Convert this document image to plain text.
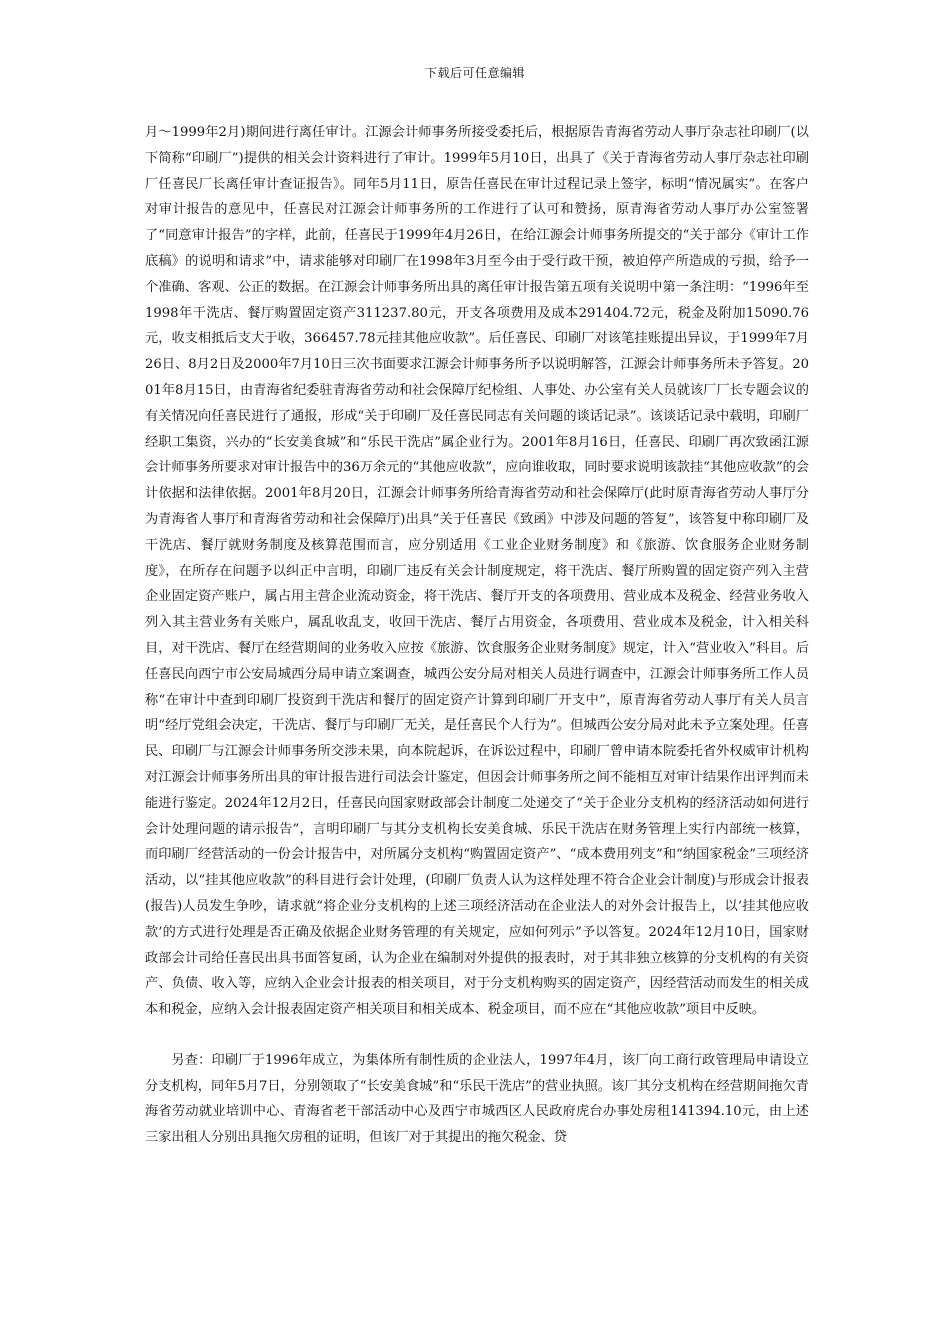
下载后可任意编辑

月～1999年2月)期间进行离任审计。江源会计师事务所接受委托后，根据原告青海省劳动人事厅杂志社印刷厂(以下简称“印刷厂”)提供的相关会计资料进行了审计。1999年5月10日，出具了《关于青海省劳动人事厅杂志社印刷厂任喜民厂长离任审计查证报告》。同年5月11日，原告任喜民在审计过程记录上签字，标明“情况属实”。在客户对审计报告的意见中，任喜民对江源会计师事务所的工作进行了认可和赞扬，原青海省劳动人事厅办公室签署了“同意审计报告”的字样，此前，任喜民于1999年4月26日，在给江源会计师事务所提交的“关于部分《审计工作底稿》的说明和请求”中，请求能够对印刷厂在1998年3月至今由于受行政干预，被迫停产所造成的亏损，给予一个准确、客观、公正的数据。在江源会计师事务所出具的离任审计报告第五项有关说明中第一条注明：“1996年至1998年干洗店、餐厅购置固定资产311237.80元，开支各项费用及成本291404.72元，税金及附加15090.76元，收支相抵后支大于收，366457.78元挂其他应收款”。后任喜民、印刷厂对该笔挂账提出异议，于1999年7月26日、8月2日及2000年7月10日三次书面要求江源会计师事务所予以说明解答，江源会计师事务所未予答复。2001年8月15日，由青海省纪委驻青海省劳动和社会保障厅纪检组、人事处、办公室有关人员就该厂厂长专题会议的有关情况向任喜民进行了通报，形成“关于印刷厂及任喜民同志有关问题的谈话记录”。该谈话记录中载明，印刷厂经职工集资，兴办的“长安美食城”和“乐民干洗店”属企业行为。2001年8月16日，任喜民、印刷厂再次致函江源会计师事务所要求对审计报告中的36万余元的“其他应收款”，应向谁收取，同时要求说明该款挂“其他应收款”的会计依据和法律依据。2001年8月20日，江源会计师事务所给青海省劳动和社会保障厅(此时原青海省劳动人事厅分为青海省人事厅和青海省劳动和社会保障厅)出具“关于任喜民《致函》中涉及问题的答复”，该答复中称印刷厂及干洗店、餐厅就财务制度及核算范围而言，应分别适用《工业企业财务制度》和《旅游、饮食服务企业财务制度》，在所存在问题予以纠正中言明，印刷厂违反有关会计制度规定，将干洗店、餐厅所购置的固定资产列入主营企业固定资产账户，属占用主营企业流动资金，将干洗店、餐厅开支的各项费用、营业成本及税金、经营业务收入列入其主营业务有关账户，属乱收乱支，收回干洗店、餐厅占用资金，各项费用、营业成本及税金，计入相关科目，对干洗店、餐厅在经营期间的业务收入应按《旅游、饮食服务企业财务制度》规定，计入“营业收入”科目。后任喜民向西宁市公安局城西分局申请立案调查，城西公安分局对相关人员进行调查中，江源会计师事务所工作人员称“在审计中查到印刷厂投资到干洗店和餐厅的固定资产计算到印刷厂开支中”，原青海省劳动人事厅有关人员言明“经厅党组会决定，干洗店、餐厅与印刷厂无关，是任喜民个人行为”。但城西公安分局对此未予立案处理。任喜民、印刷厂与江源会计师事务所交涉未果，向本院起诉，在诉讼过程中，印刷厂曾申请本院委托省外权威审计机构对江源会计师事务所出具的审计报告进行司法会计鉴定，但因会计师事务所之间不能相互对审计结果作出评判而未能进行鉴定。2024年12月2日，任喜民向国家财政部会计制度二处递交了“关于企业分支机构的经济活动如何进行会计处理问题的请示报告”，言明印刷厂与其分支机构长安美食城、乐民干洗店在财务管理上实行内部统一核算，而印刷厂经营活动的一份会计报告中，对所属分支机构“购置固定资产”、“成本费用列支”和“纳国家税金”三项经济活动，以“挂其他应收款”的科目进行会计处理，(印刷厂负责人认为这样处理不符合企业会计制度)与形成会计报表(报告)人员发生争吵，请求就“将企业分支机构的上述三项经济活动在企业法人的对外会计报告上，以‘挂其他应收款’的方式进行处理是否正确及依据企业财务管理的有关规定，应如何列示”予以答复。2024年12月10日，国家财政部会计司给任喜民出具书面答复函，认为企业在编制对外提供的报表时，对于其非独立核算的分支机构的有关资产、负债、收入等，应纳入企业会计报表的相关项目，对于分支机构购买的固定资产，因经营活动而发生的相关成本和税金，应纳入会计报表固定资产相关项目和相关成本、税金项目，而不应在“其他应收款”项目中反映。

另查：印刷厂于1996年成立，为集体所有制性质的企业法人，1997年4月，该厂向工商行政管理局申请设立分支机构，同年5月7日，分别领取了“长安美食城”和“乐民干洗店”的营业执照。该厂其分支机构在经营期间拖欠青海省劳动就业培训中心、青海省老干部活动中心及西宁市城西区人民政府虎台办事处房租141394.10元，由上述三家出租人分别出具拖欠房租的证明，但该厂对于其提出的拖欠税金、贷
